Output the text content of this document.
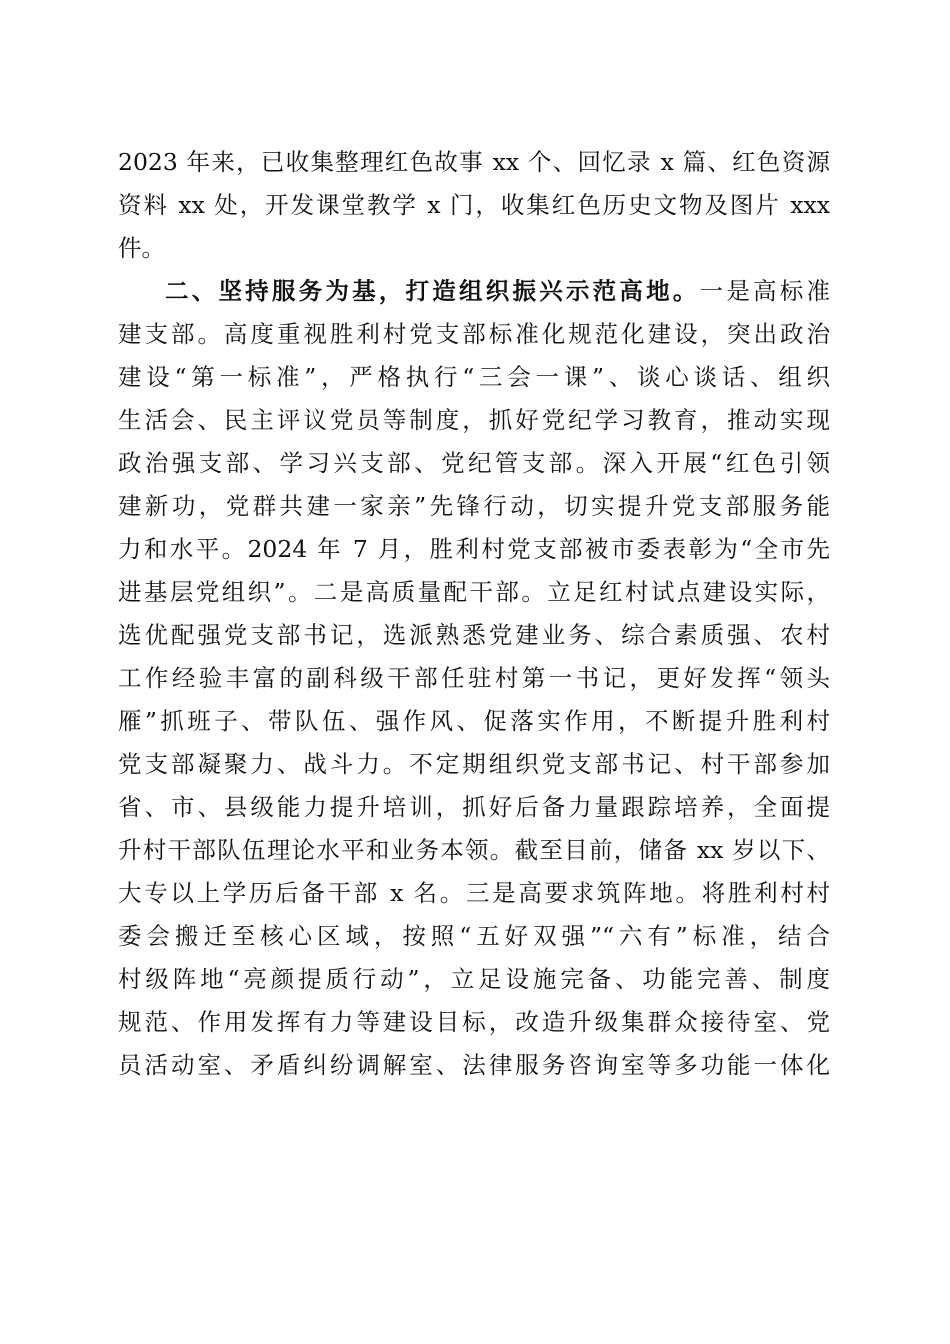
2023 年来，已收集整理红色故事 xx 个、回忆录 x 篇、红色资源
资料 xx 处，开发课堂教学 x 门，收集红色历史文物及图片 xxx
件。
二、坚持服务为基，打造组织振兴示范高地。一是高标准
建支部。高度重视胜利村党支部标准化规范化建设，突出政治
建设“第一标准”，严格执行“三会一课”、谈心谈话、组织
生活会、民主评议党员等制度，抓好党纪学习教育，推动实现
政治强支部、学习兴支部、党纪管支部。深入开展“红色引领
建新功，党群共建一家亲”先锋行动，切实提升党支部服务能
力和水平。2024 年 7 月，胜利村党支部被市委表彰为“全市先
进基层党组织”。二是高质量配干部。立足红村试点建设实际，
选优配强党支部书记，选派熟悉党建业务、综合素质强、农村
工作经验丰富的副科级干部任驻村第一书记，更好发挥“领头
雁”抓班子、带队伍、强作风、促落实作用，不断提升胜利村
党支部凝聚力、战斗力。不定期组织党支部书记、村干部参加
省、市、县级能力提升培训，抓好后备力量跟踪培养，全面提
升村干部队伍理论水平和业务本领。截至目前，储备 xx 岁以下、
大专以上学历后备干部 x 名。三是高要求筑阵地。将胜利村村
委会搬迁至核心区域，按照“五好双强”“六有”标准，结合
村级阵地“亮颜提质行动”，立足设施完备、功能完善、制度
规范、作用发挥有力等建设目标，改造升级集群众接待室、党
员活动室、矛盾纠纷调解室、法律服务咨询室等多功能一体化
